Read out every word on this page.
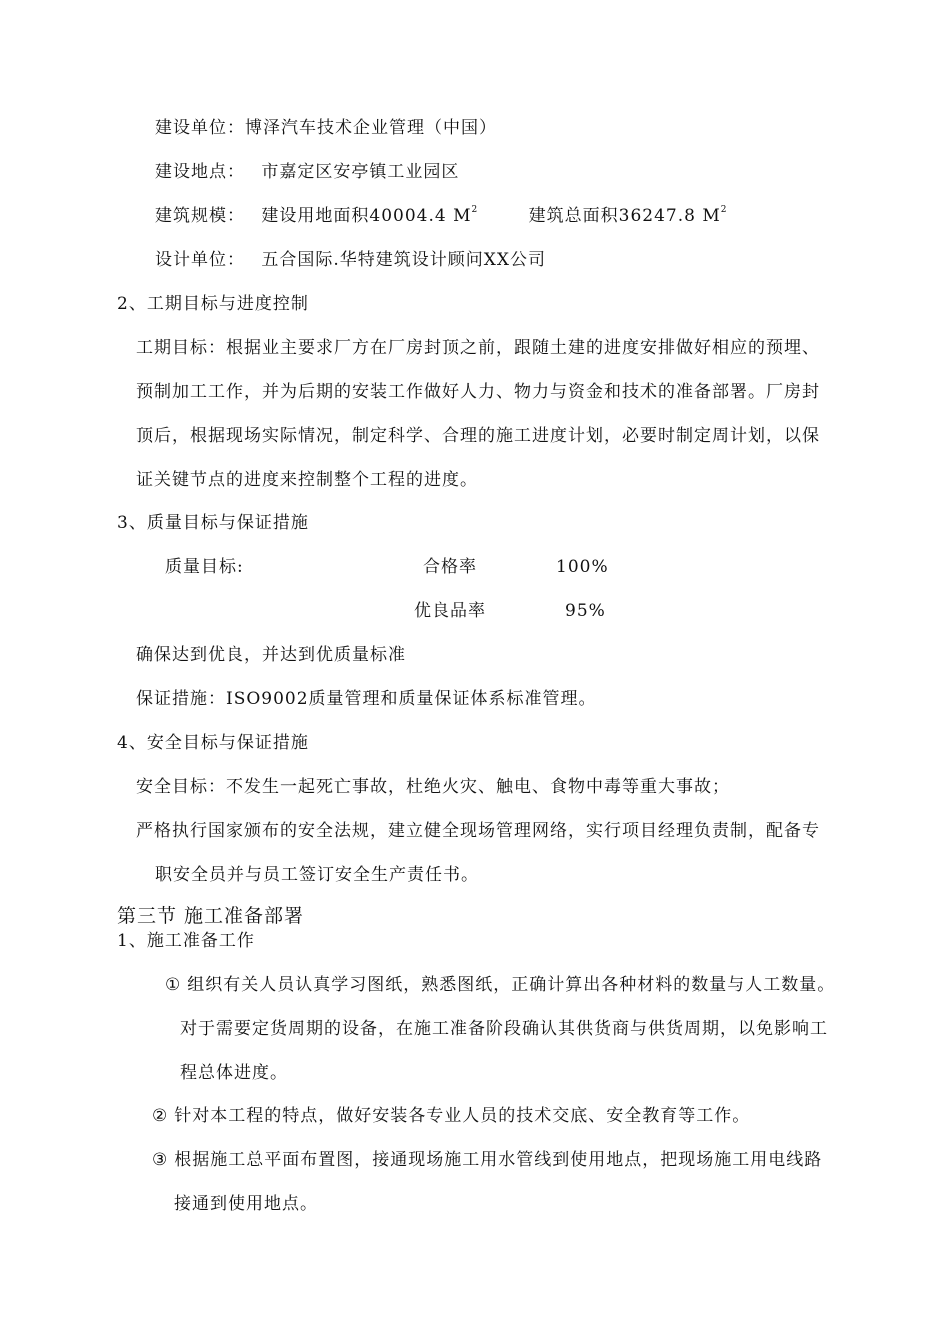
建设单位：博泽汽车技术企业管理（中国）
建设地点： 市嘉定区安亭镇工业园区
建筑规模： 建设用地面积40004.4 $M^2$	建筑总面积36247.8 $M^2$
设计单位： 五合国际.华特建筑设计顾问XX公司
2、工期目标与进度控制
工期目标：根据业主要求厂方在厂房封顶之前，跟随土建的进度安排做好相应的预埋、
预制加工工作，并为后期的安装工作做好人力、物力与资金和技术的准备部署。厂房封
顶后，根据现场实际情况，制定科学、合理的施工进度计划，必要时制定周计划，以保
证关键节点的进度来控制整个工程的进度。
3、质量目标与保证措施
质量目标:	合格率	100%
优良品率	95%
确保达到优良，并达到优质量标准
保证措施：ISO9002质量管理和质量保证体系标准管理。
4、安全目标与保证措施
安全目标：不发生一起死亡事故，杜绝火灾、触电、食物中毒等重大事故；
严格执行国家颁布的安全法规，建立健全现场管理网络，实行项目经理负责制，配备专
职安全员并与员工签订安全生产责任书。
第三节 施工准备部署
1、施工准备工作
① 组织有关人员认真学习图纸，熟悉图纸，正确计算出各种材料的数量与人工数量。
对于需要定货周期的设备，在施工准备阶段确认其供货商与供货周期，以免影响工
程总体进度。
② 针对本工程的特点，做好安装各专业人员的技术交底、安全教育等工作。
③ 根据施工总平面布置图，接通现场施工用水管线到使用地点，把现场施工用电线路
接通到使用地点。
